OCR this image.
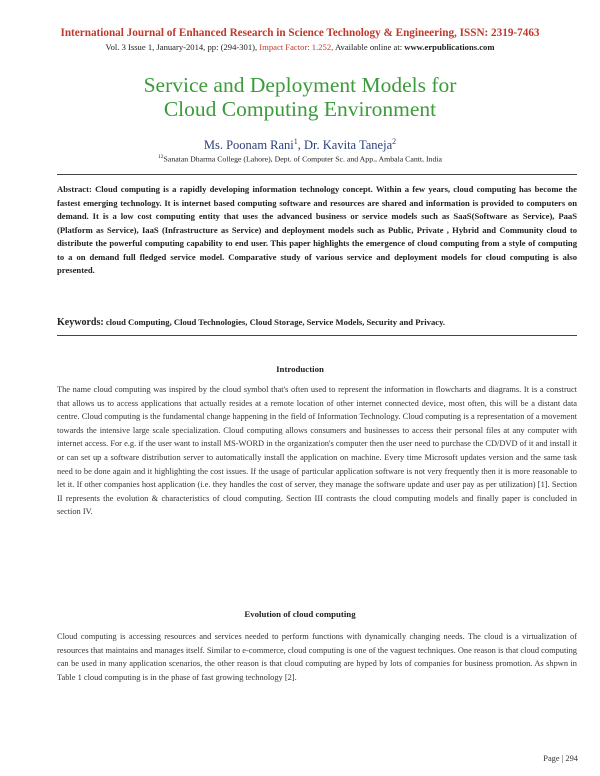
International Journal of Enhanced Research in Science Technology & Engineering, ISSN: 2319-7463
Vol. 3 Issue 1, January-2014, pp: (294-301), Impact Factor: 1.252, Available online at: www.erpublications.com
Service and Deployment Models for
Cloud Computing Environment
Ms. Poonam Rani$^1$, Dr. Kavita Taneja$^2$
$^{12}$Sanatan Dharma College (Lahore), Dept. of Computer Sc. and App., Ambala Cantt, India
Abstract: Cloud computing is a rapidly developing information technology concept. Within a few years, cloud computing has become the fastest emerging technology. It is internet based computing software and resources are shared and information is provided to computers on demand. It is a low cost computing entity that uses the advanced business or service models such as SaaS(Software as Service), PaaS (Platform as Service), IaaS (Infrastructure as Service) and deployment models such as Public, Private , Hybrid and Community cloud to distribute the powerful computing capability to end user. This paper highlights the emergence of cloud computing from a style of computing to a on demand full fledged service model. Comparative study of various service and deployment models for cloud computing is also presented.
Keywords: cloud Computing, Cloud Technologies, Cloud Storage, Service Models, Security and Privacy.
Introduction
The name cloud computing was inspired by the cloud symbol that's often used to represent the information in flowcharts and diagrams. It is a construct that allows us to access applications that actually resides at a remote location of other internet connected device, most often, this will be a distant data centre. Cloud computing is the fundamental change happening in the field of Information Technology. Cloud computing is a representation of a movement towards the intensive large scale specialization. Cloud computing allows consumers and businesses to access their personal files at any computer with internet access. For e.g. if the user want to install MS-WORD in the organization's computer then the user need to purchase the CD/DVD of it and install it or can set up a software distribution server to automatically install the application on machine. Every time Microsoft updates version and the same task need to be done again and it highlighting the cost issues. If the usage of particular application software is not very frequently then it is more reasonable to let it. If other companies host application (i.e. they handles the cost of server, they manage the software update and user pay as per utilization) [1]. Section II represents the evolution & characteristics of cloud computing. Section III contrasts the cloud computing models and finally paper is concluded in section IV.
Evolution of cloud computing
Cloud computing is accessing resources and services needed to perform functions with dynamically changing needs. The cloud is a virtualization of resources that maintains and manages itself. Similar to e-commerce, cloud computing is one of the vaguest techniques. One reason is that cloud computing can be used in many application scenarios, the other reason is that cloud computing are hyped by lots of companies for business promotion. As shpwn in Table 1 cloud computing is in the phase of fast growing technology [2].
Page | 294
